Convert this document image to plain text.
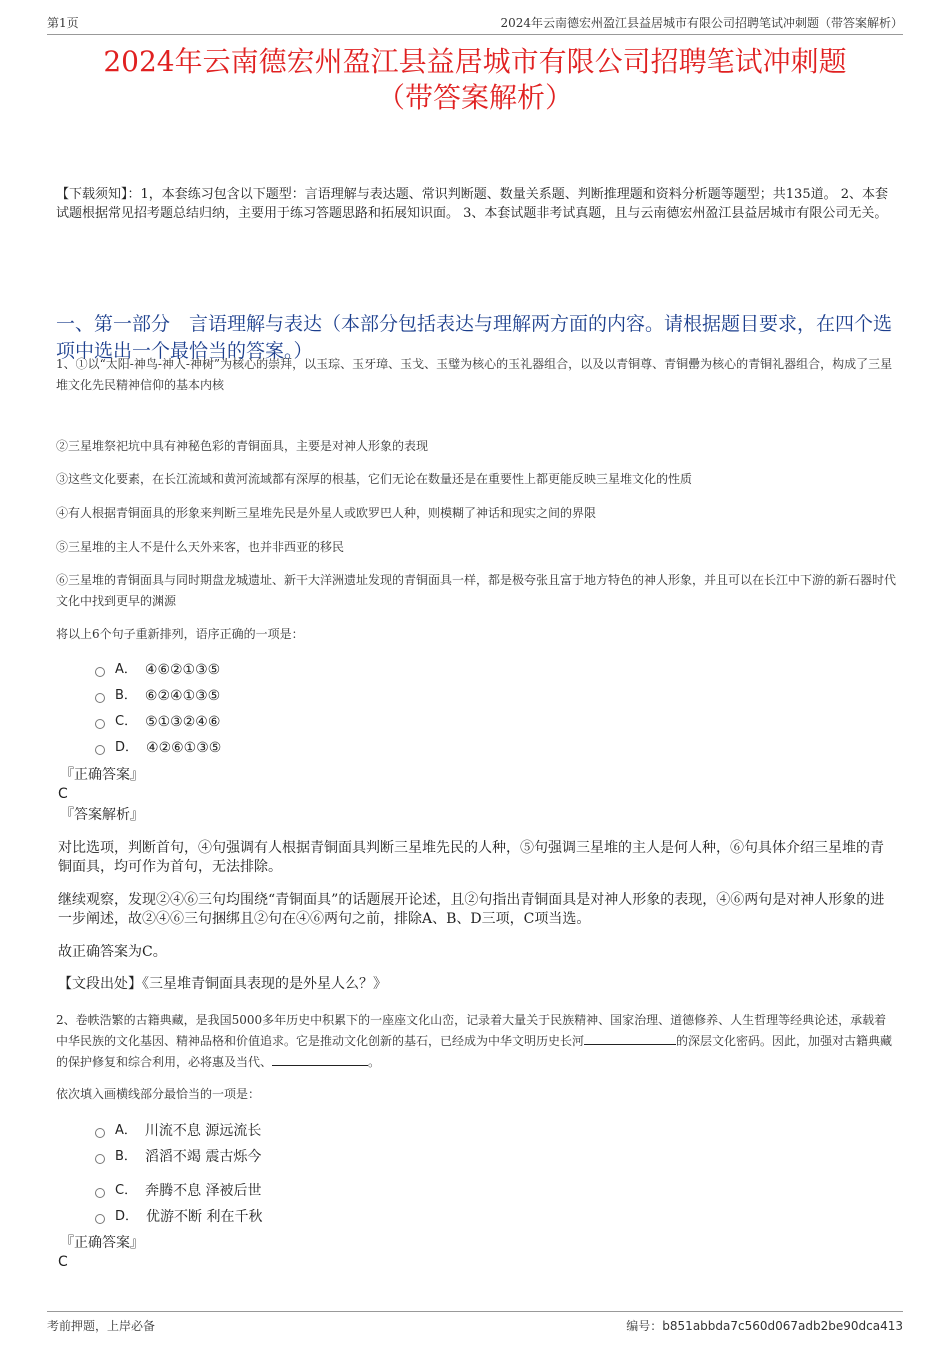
第1页	2024年云南德宏州盈江县益居城市有限公司招聘笔试冲刺题（带答案解析）
2024年云南德宏州盈江县益居城市有限公司招聘笔试冲刺题
（带答案解析）
【下载须知】：1，本套练习包含以下题型：言语理解与表达题、常识判断题、数量关系题、判断推理题和资料分析题等题型；共135道。 2、本套试题根据常见招考题总结归纳，主要用于练习答题思路和拓展知识面。 3、本套试题非考试真题，且与云南德宏州盈江县益居城市有限公司无关。
一、第一部分　言语理解与表达（本部分包括表达与理解两方面的内容。请根据题目要求，在四个选项中选出一个最恰当的答案。）
1、①以“太阳-神鸟-神人-神树”为核心的崇拜，以玉琮、玉牙璋、玉戈、玉璧为核心的玉礼器组合，以及以青铜尊、青铜罍为核心的青铜礼器组合，构成了三星堆文化先民精神信仰的基本内核
②三星堆祭祀坑中具有神秘色彩的青铜面具，主要是对神人形象的表现
③这些文化要素，在长江流域和黄河流域都有深厚的根基，它们无论在数量还是在重要性上都更能反映三星堆文化的性质
④有人根据青铜面具的形象来判断三星堆先民是外星人或欧罗巴人种，则模糊了神话和现实之间的界限
⑤三星堆的主人不是什么天外来客，也并非西亚的移民
⑥三星堆的青铜面具与同时期盘龙城遗址、新干大洋洲遗址发现的青铜面具一样，都是极夸张且富于地方特色的神人形象，并且可以在长江中下游的新石器时代文化中找到更早的渊源
将以上6个句子重新排列，语序正确的一项是：
A． ④⑥②①③⑤
B． ⑥②④①③⑤
C． ⑤①③②④⑥
D． ④②⑥①③⑤
『正确答案』
C
『答案解析』
对比选项，判断首句，④句强调有人根据青铜面具判断三星堆先民的人种，⑤句强调三星堆的主人是何人种，⑥句具体介绍三星堆的青铜面具，均可作为首句，无法排除。
继续观察，发现②④⑥三句均围绕“青铜面具”的话题展开论述，且②句指出青铜面具是对神人形象的表现，④⑥两句是对神人形象的进一步阐述，故②④⑥三句捆绑且②句在④⑥两句之前，排除A、B、D三项，C项当选。
故正确答案为C。
【文段出处】《三星堆青铜面具表现的是外星人么？》
2、卷帙浩繁的古籍典藏，是我国5000多年历史中积累下的一座座文化山峦，记录着大量关于民族精神、国家治理、道德修养、人生哲理等经典论述，承载着中华民族的文化基因、精神品格和价值追求。它是推动文化创新的基石，已经成为中华文明历史长河	的深层文化密码。因此，加强对古籍典藏的保护修复和综合利用，必将惠及当代、	。
依次填入画横线部分最恰当的一项是：
A． 川流不息 源远流长
B． 滔滔不竭 震古烁今
C． 奔腾不息 泽被后世
D． 优游不断 利在千秋
『正确答案』
C
考前押题，上岸必备	编号：b851abbda7c560d067adb2be90dca413
